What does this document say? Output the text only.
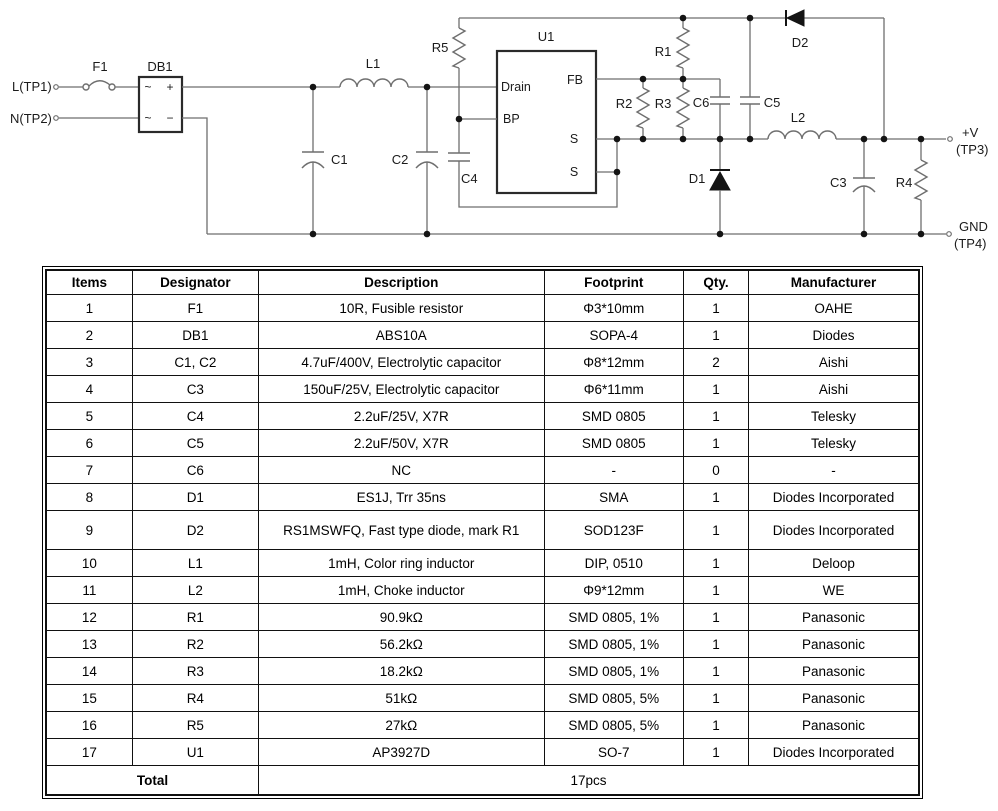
L(TP1)
N(TP2)
F1	DB1
~ +
~ −
L1
C1	C2
R5	D2
U1
Drain	FB
BP
S
S
C4
R1
R2 R3 C6	C5
D1
L2
C3	R4
+V
(TP3)
GND
(TP4)
Items	Designator	Description	Footprint	Qty.	Manufacturer
1	F1	10R, Fusible resistor	Φ3*10mm	1	OAHE
2	DB1	ABS10A	SOPA-4	1	Diodes
3	C1, C2	4.7uF/400V, Electrolytic capacitor	Φ8*12mm	2	Aishi
4	C3	150uF/25V, Electrolytic capacitor	Φ6*11mm	1	Aishi
5	C4	2.2uF/25V, X7R	SMD 0805	1	Telesky
6	C5	2.2uF/50V, X7R	SMD 0805	1	Telesky
7	C6	NC	-	0	-
8	D1	ES1J, Trr 35ns	SMA	1	Diodes Incorporated
9	D2	RS1MSWFQ, Fast type diode, mark R1	SOD123F	1	Diodes Incorporated
10	L1	1mH, Color ring inductor	DIP, 0510	1	Deloop
11	L2	1mH, Choke inductor	Φ9*12mm	1	WE
12	R1	90.9kΩ	SMD 0805, 1%	1	Panasonic
13	R2	56.2kΩ	SMD 0805, 1%	1	Panasonic
14	R3	18.2kΩ	SMD 0805, 1%	1	Panasonic
15	R4	51kΩ	SMD 0805, 5%	1	Panasonic
16	R5	27kΩ	SMD 0805, 5%	1	Panasonic
17	U1	AP3927D	SO-7	1	Diodes Incorporated
Total		17pcs			
